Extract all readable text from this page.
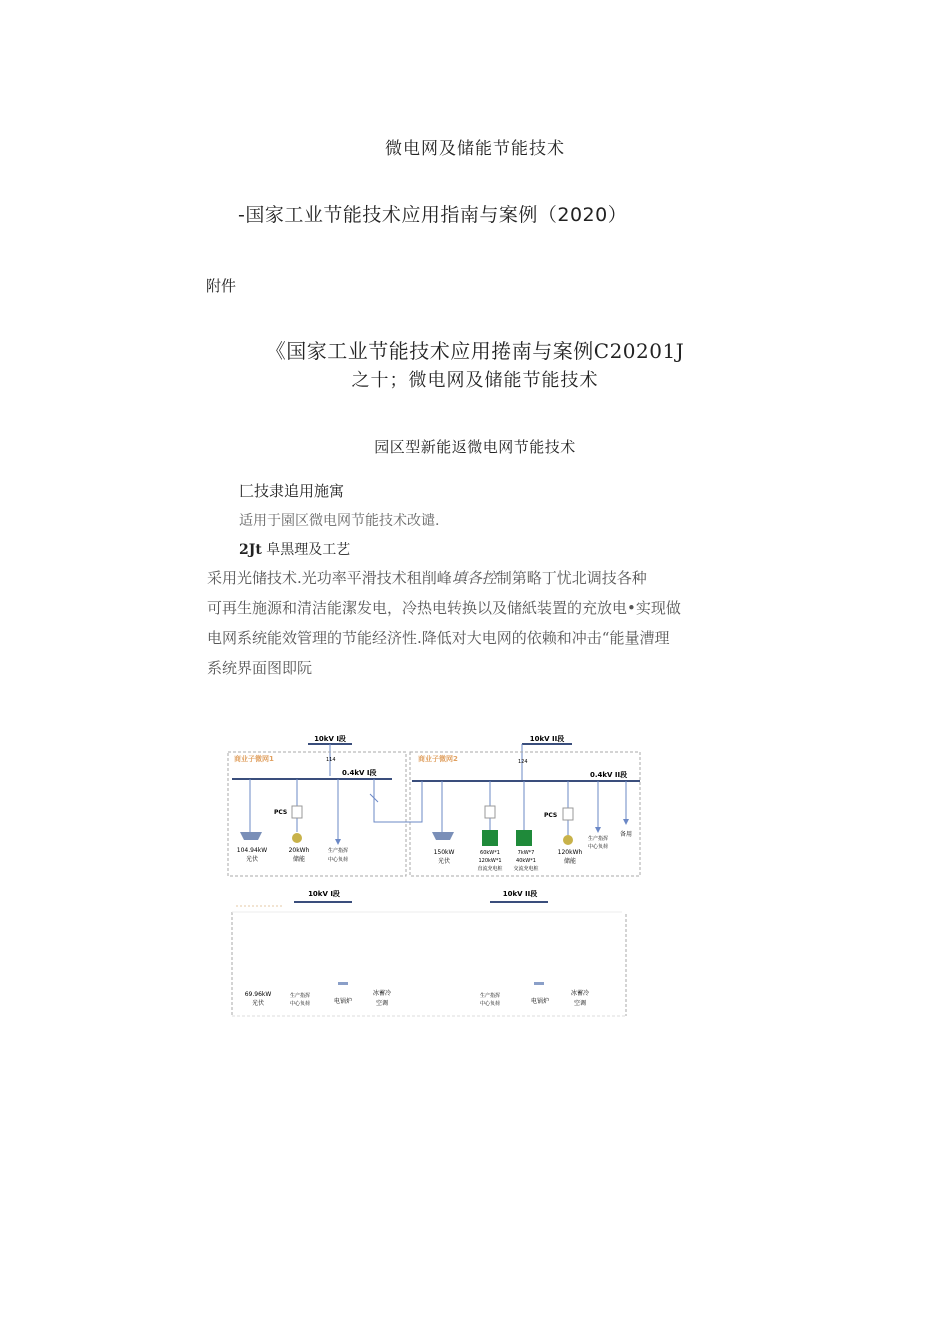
微电网及储能节能技术
-国家工业节能技术应用指南与案例（2020）
附件
《国家工业节能技术应用捲南与案例C20201J
之十；微电网及储能节能技术
园区型新能返微电网节能技术
匚技隶追用施寓
适用于園区微电网节能技术改谴.
2Jt 阜黒理及工艺
采用光储技术.光功率平滑技术租削峰填各控制第略丁忧北调技各种
可再生施源和清洁能潔发电，冷热电转换以及储紙装置的充放电•实现做
电网系统能效管理的节能经济性.降低对大电网的依赖和冲击“能量漕理
系统界面图即阮
10kV I段
114
10kV II段
124
商业子微网1	商业子微网2
0.4kV I段	0.4kV II段
104.94kW
光伏
PCS
20kWh
储能
生产指挥
中心负荷
150kW
光伏
60kW*1
120kW*1
直流充电桩
7kW*7
40kW*1
交流充电桩
PCS
120kWh
储能
生产指挥
中心负荷
备用
10kV I段	10kV II段
69.96kW
光伏
生产指挥
中心负荷	电锅炉
冰蓄冷
空调
生产指挥
中心负荷	电锅炉
冰蓄冷
空调
